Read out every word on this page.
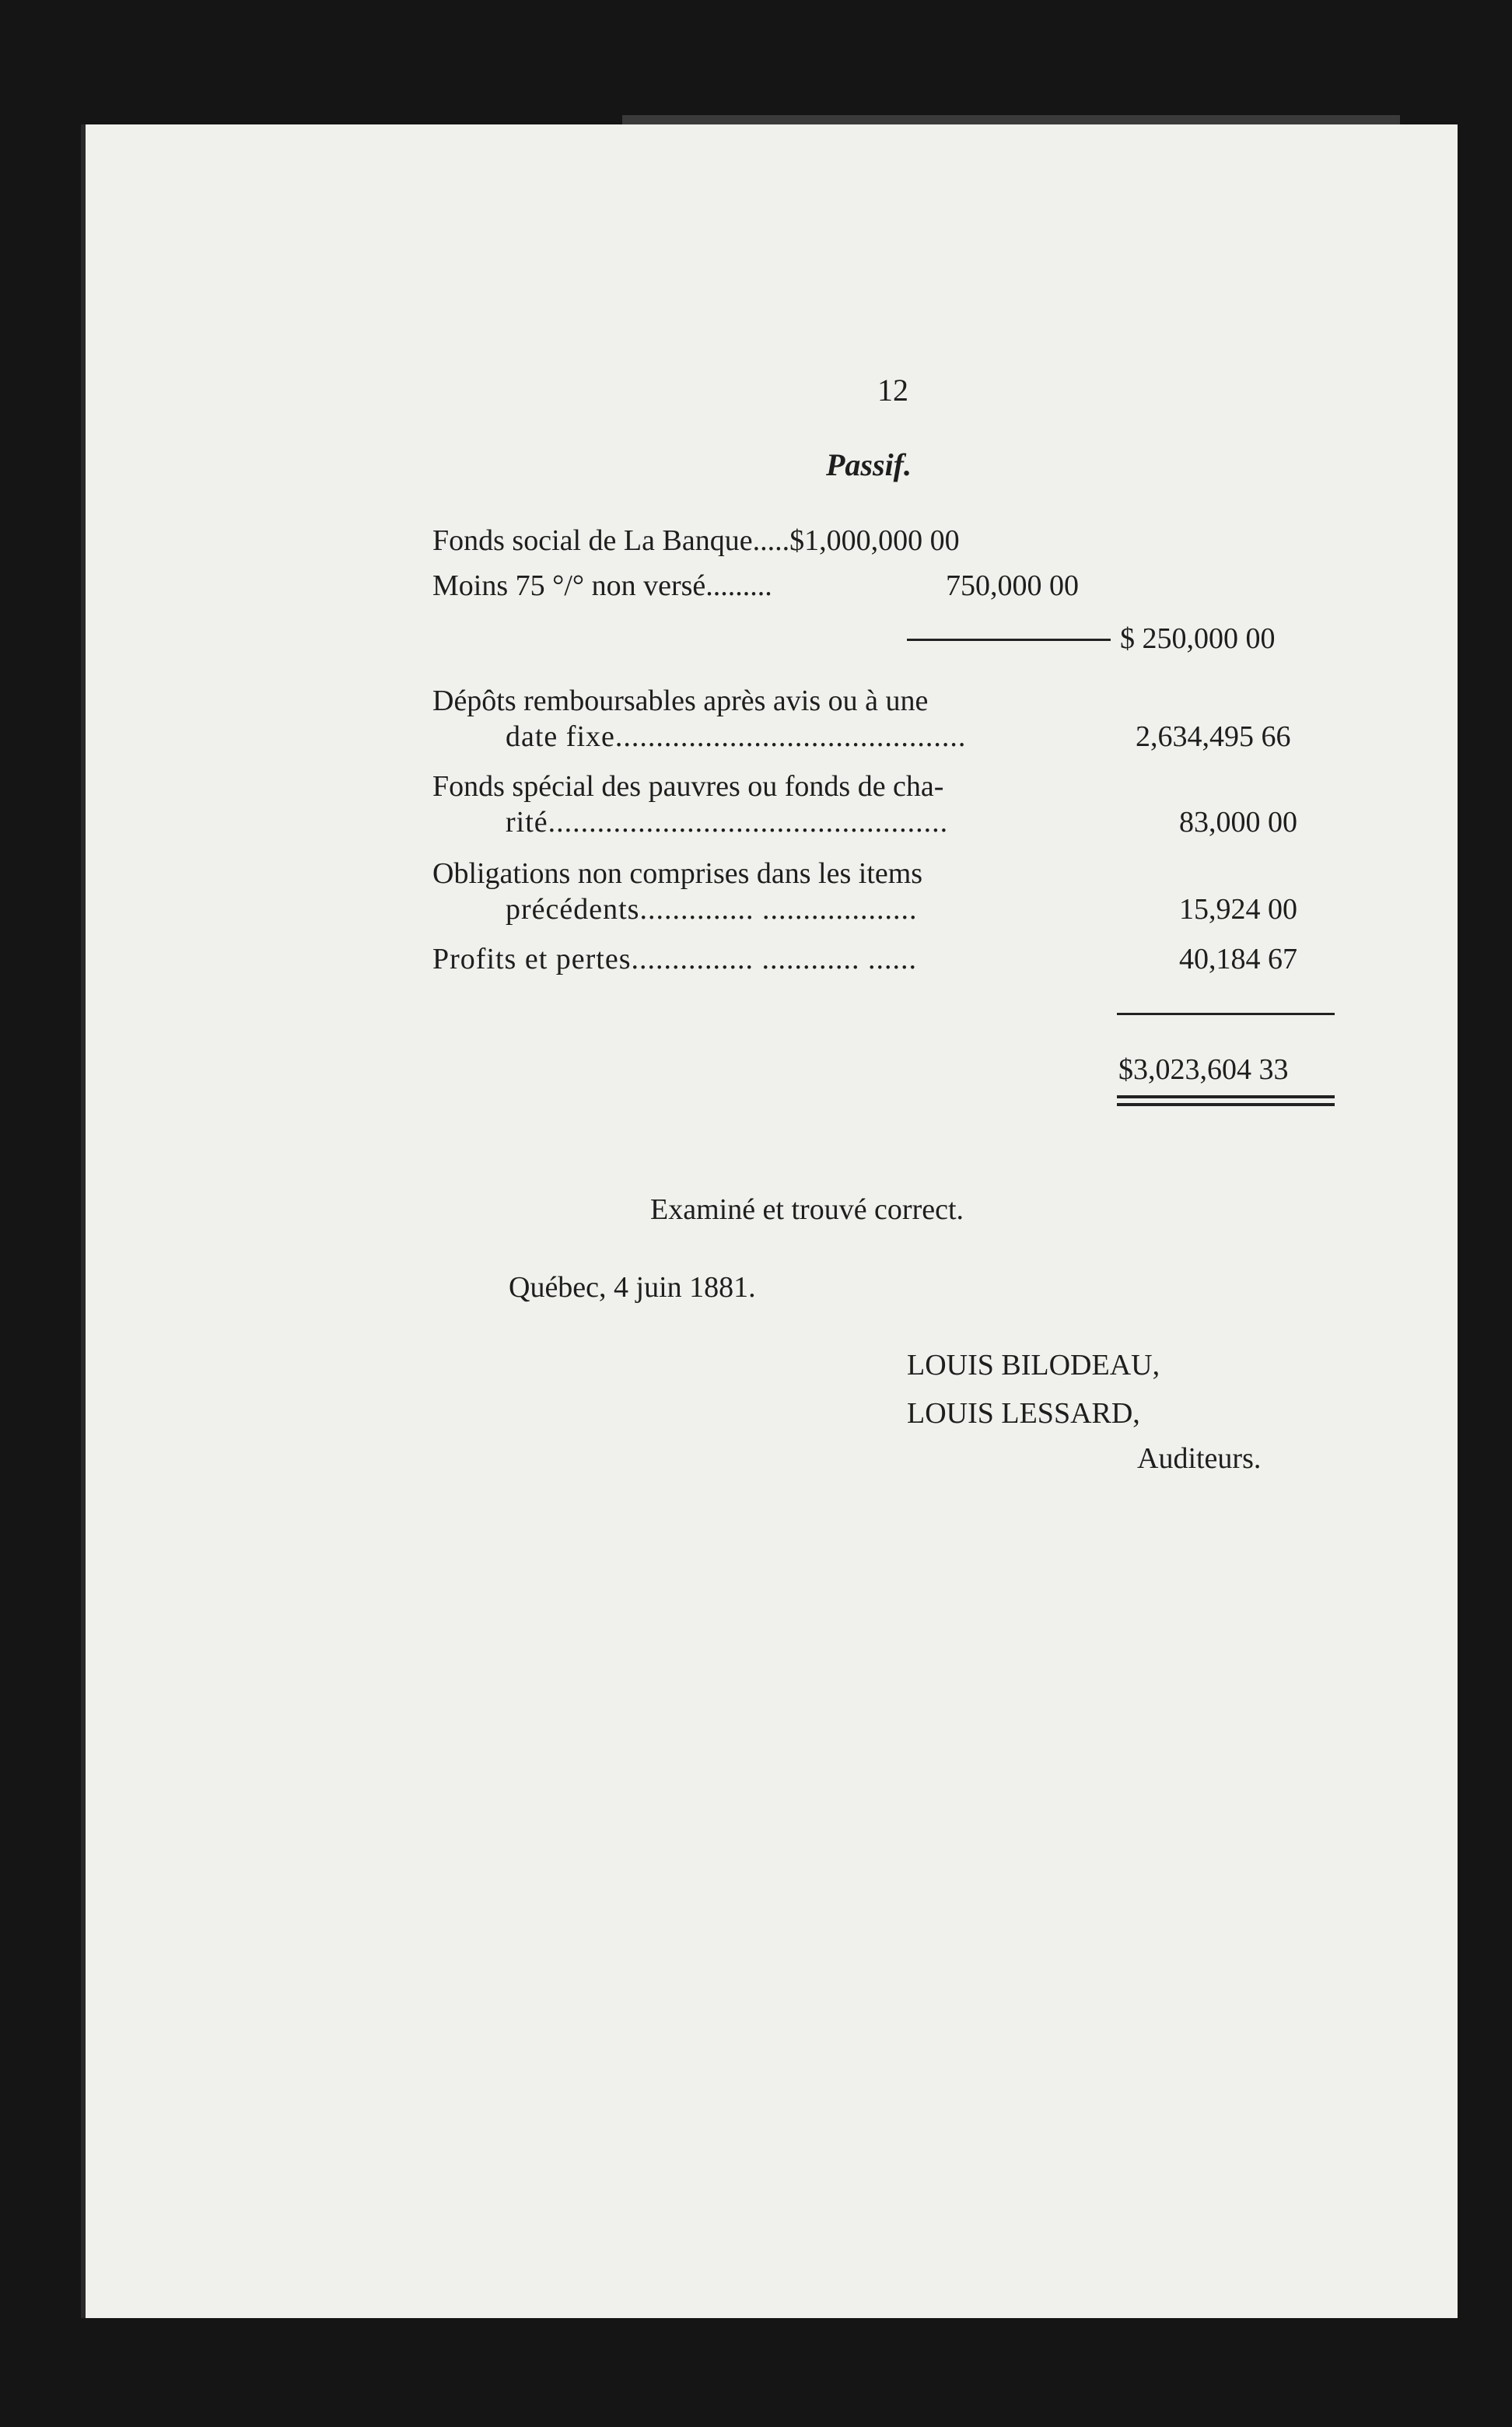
12
Passif.
Fonds social de La Banque.....$1,000,000 00
Moins 75 °/° non versé.........	750,000 00
$ 250,000 00
Dépôts remboursables après avis ou à une
date fixe...........................................	2,634,495 66
Fonds spécial des pauvres ou fonds de cha-
rité.................................................	83,000 00
Obligations non comprises dans les items
précédents.............. ...................	15,924 00
Profits et pertes............... ............ ......	40,184 67
$3,023,604 33
Examiné et trouvé correct.
Québec, 4 juin 1881.
LOUIS BILODEAU,
LOUIS LESSARD,
Auditeurs.
